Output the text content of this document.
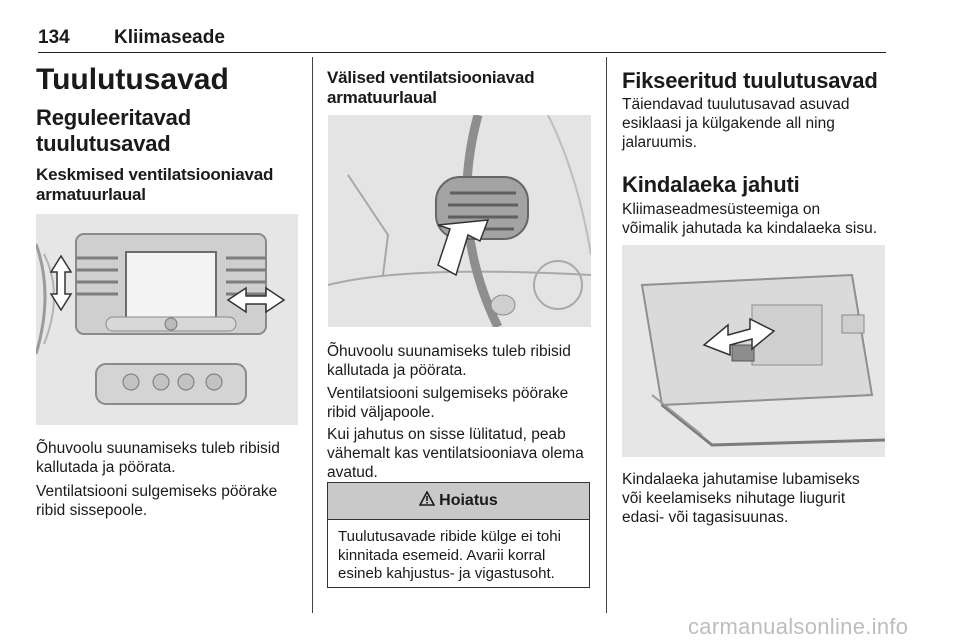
134 Kliimaseade
Tuulutusavad
Reguleeritavad
tuulutusavad
Keskmised ventilatsiooniavad
armatuurlaual
Õhuvoolu suunamiseks tuleb ribisid
kallutada ja pöörata.
Ventilatsiooni sulgemiseks pöörake
ribid sissepoole.
Välised ventilatsiooniavad
armatuurlaual
Õhuvoolu suunamiseks tuleb ribisid
kallutada ja pöörata.
Ventilatsiooni sulgemiseks pöörake
ribid väljapoole.
Kui jahutus on sisse lülitatud, peab
vähemalt kas ventilatsiooniava olema
avatud.
Hoiatus
Tuulutusavade ribide külge ei tohi
kinnitada esemeid. Avarii korral
esineb kahjustus- ja vigastusoht.
Fikseeritud tuulutusavad
Täiendavad tuulutusavad asuvad
esiklaasi ja külgakende all ning
jalaruumis.
Kindalaeka jahuti
Kliimaseadmesüsteemiga on
võimalik jahutada ka kindalaeka sisu.
Kindalaeka jahutamise lubamiseks
või keelamiseks nihutage liugurit
edasi- või tagasisuunas.
carmanualsonline.info
